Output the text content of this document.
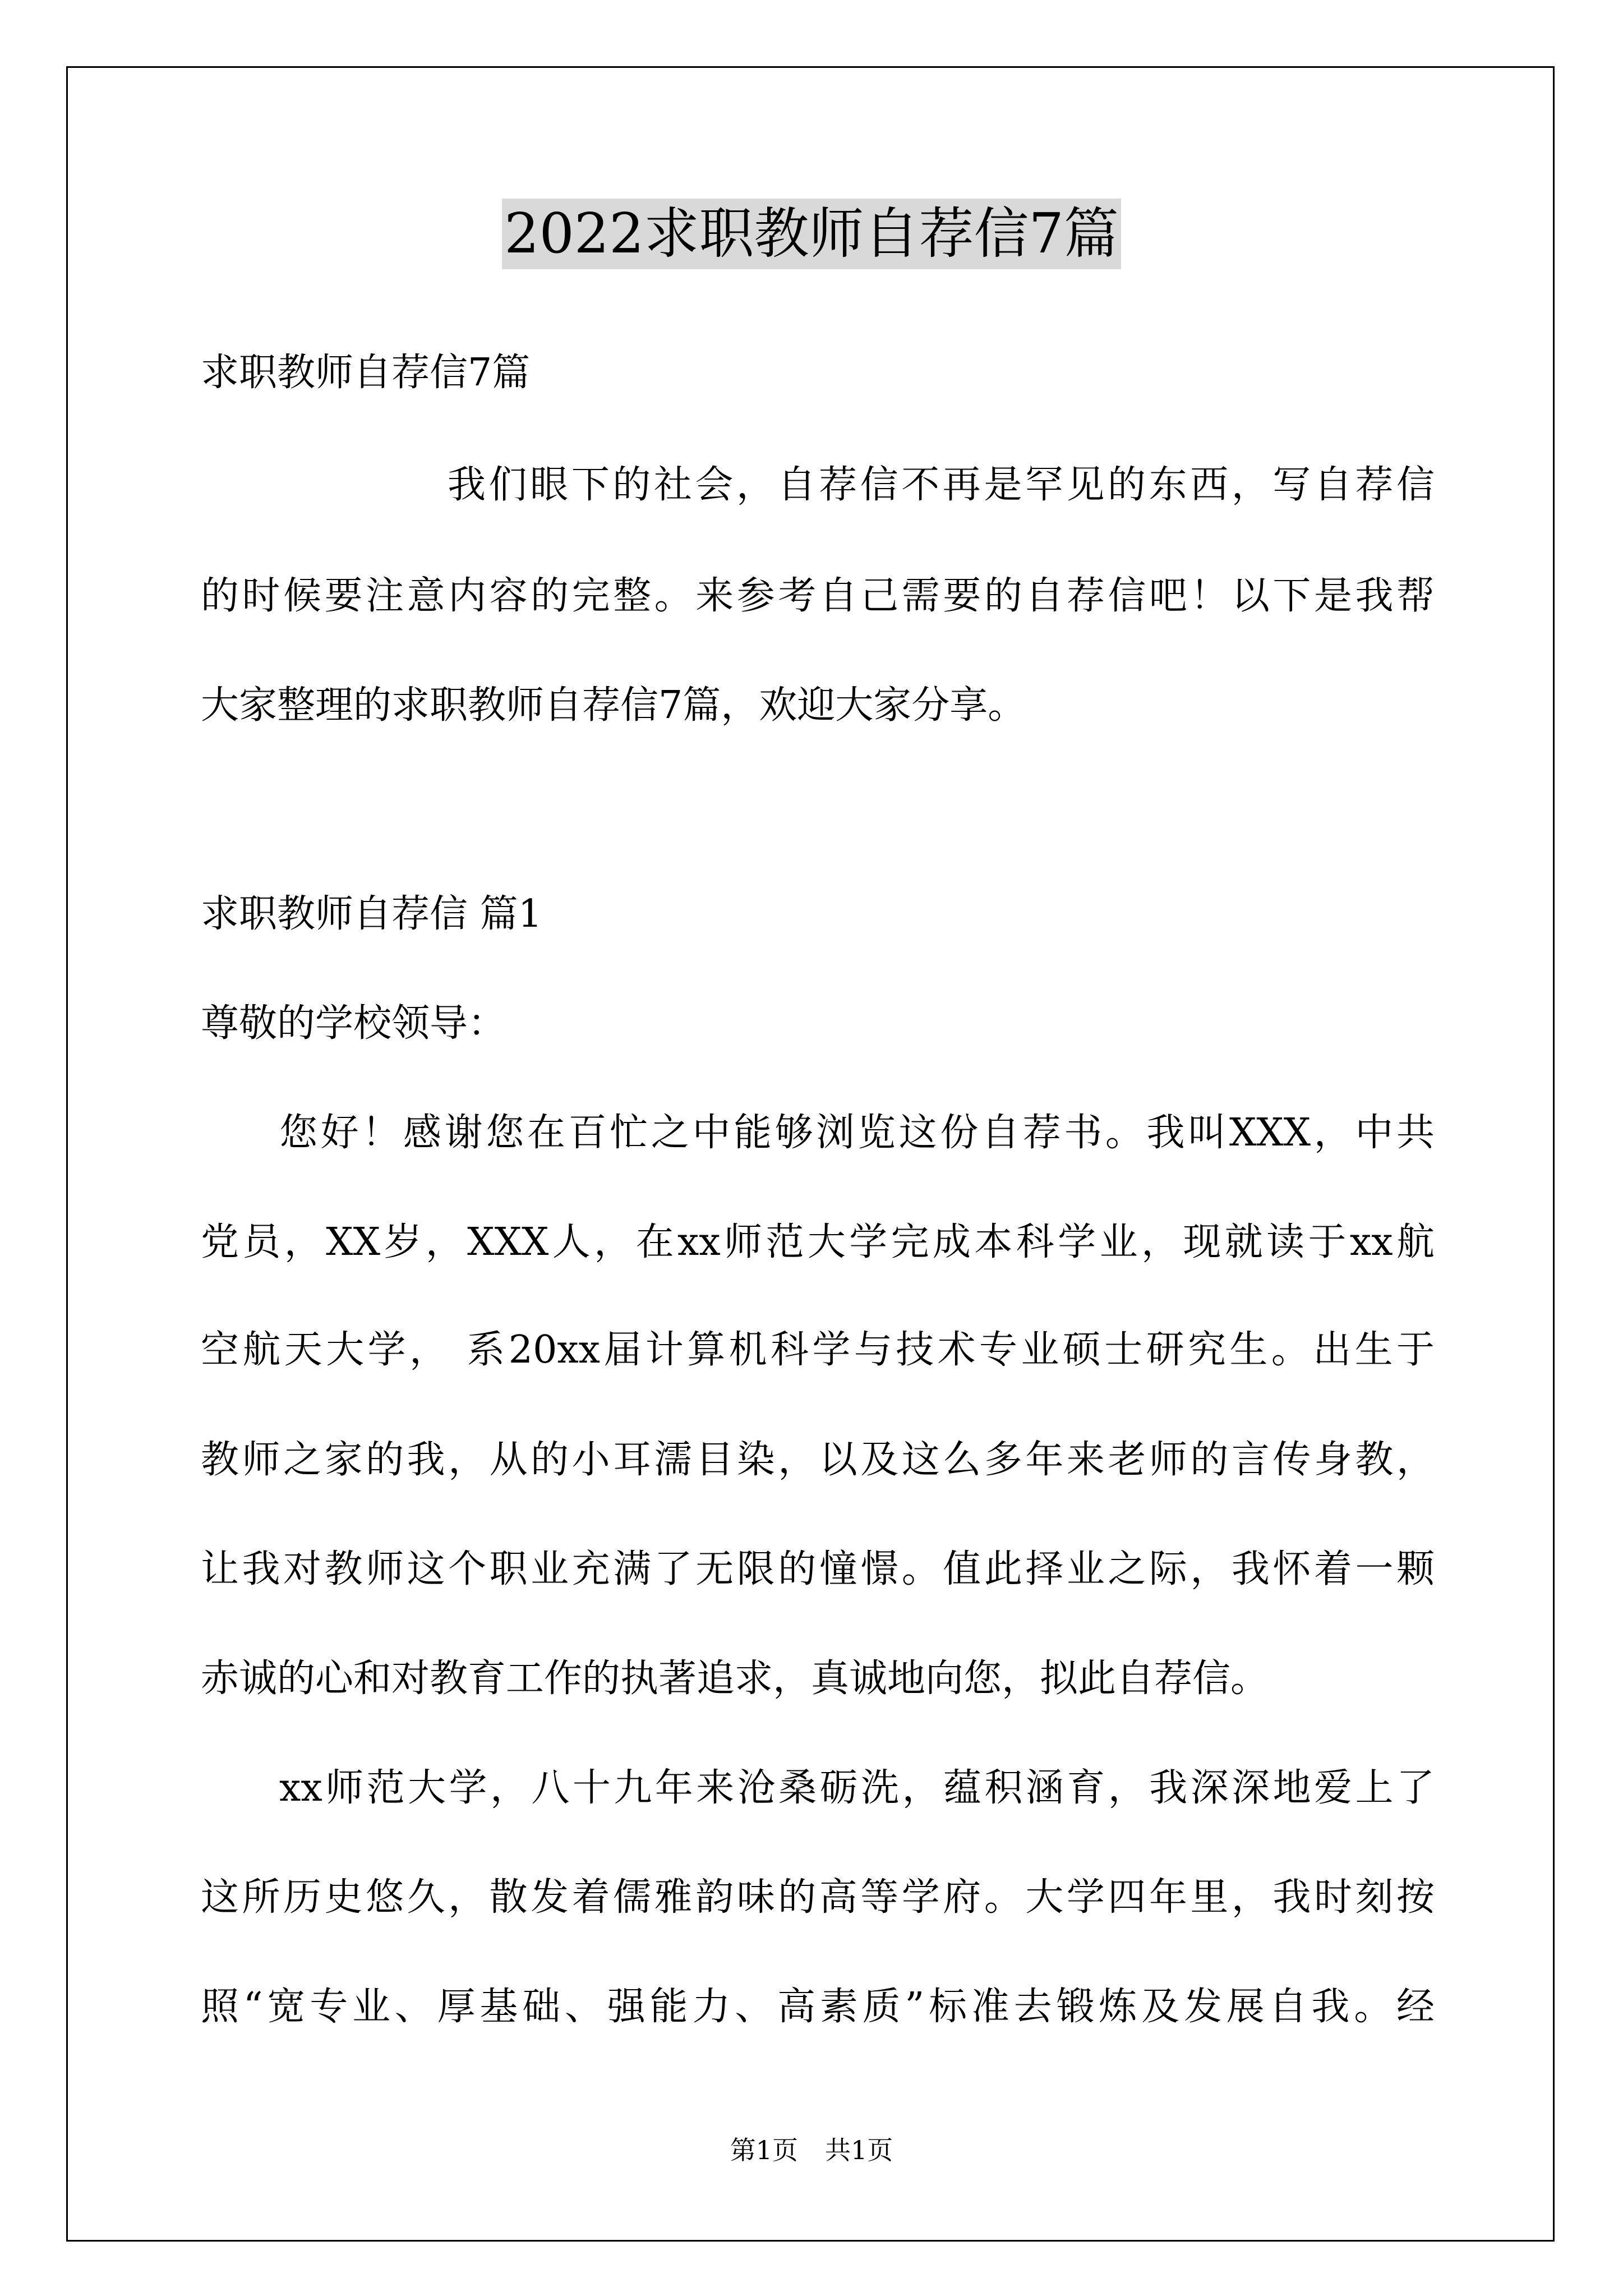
2022求职教师自荐信7篇
求职教师自荐信7篇
我们眼下的社会，自荐信不再是罕见的东西，写自荐信
的时候要注意内容的完整。来参考自己需要的自荐信吧！以下是我帮
大家整理的求职教师自荐信7篇，欢迎大家分享。
求职教师自荐信 篇1
尊敬的学校领导：
您好！感谢您在百忙之中能够浏览这份自荐书。我叫XXX，中共
党员，XX岁，XXX人，在xx师范大学完成本科学业，现就读于xx航
空航天大学， 系20xx届计算机科学与技术专业硕士研究生。出生于
教师之家的我，从的小耳濡目染，以及这么多年来老师的言传身教，
让我对教师这个职业充满了无限的憧憬。值此择业之际，我怀着一颗
赤诚的心和对教育工作的执著追求，真诚地向您，拟此自荐信。
xx师范大学，八十九年来沧桑砺洗，蕴积涵育，我深深地爱上了
这所历史悠久，散发着儒雅韵味的高等学府。大学四年里，我时刻按
照“宽专业、厚基础、强能力、高素质”标准去锻炼及发展自我。经
第1页 共1页
